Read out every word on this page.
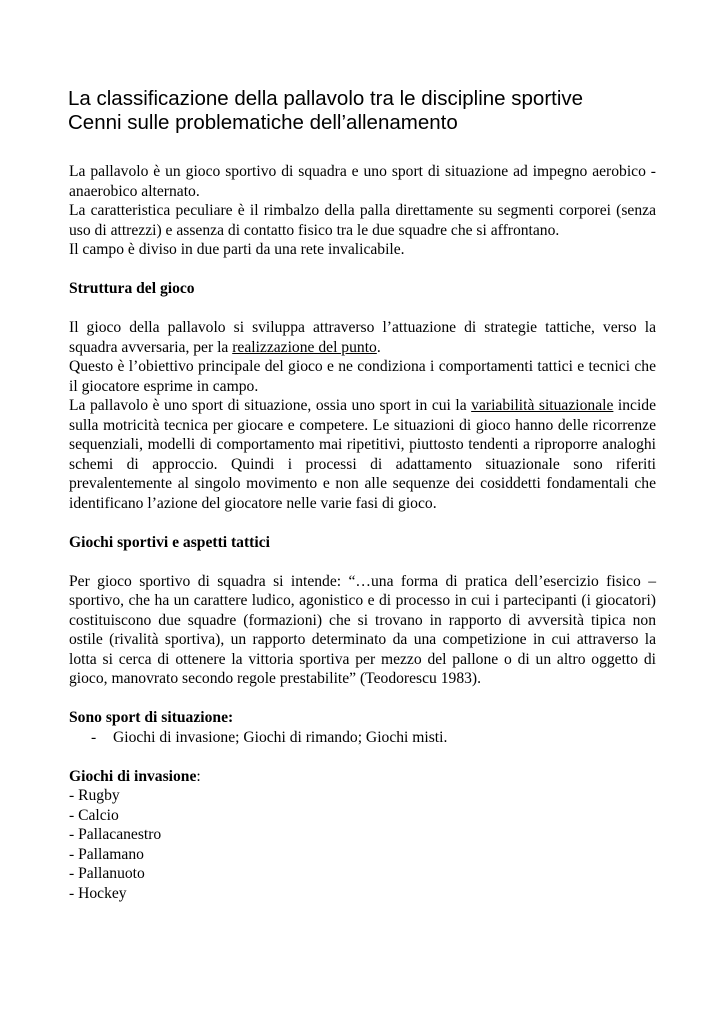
La classificazione della pallavolo tra le discipline sportive
Cenni sulle problematiche dell’allenamento

La pallavolo è un gioco sportivo di squadra e uno sport di situazione ad impegno aerobico - anaerobico alternato.

La caratteristica peculiare è il rimbalzo della palla direttamente su segmenti corporei (senza uso di attrezzi) e assenza di contatto fisico tra le due squadre che si affrontano.

Il campo è diviso in due parti da una rete invalicabile.

Struttura del gioco

Il gioco della pallavolo si sviluppa attraverso l’attuazione di strategie tattiche, verso la squadra avversaria, per la realizzazione del punto.

Questo è l’obiettivo principale del gioco e ne condiziona i comportamenti tattici e tecnici che il giocatore esprime in campo.

La pallavolo è uno sport di situazione, ossia uno sport in cui la variabilità situazionale incide sulla motricità tecnica per giocare e competere. Le situazioni di gioco hanno delle ricorrenze sequenziali, modelli di comportamento mai ripetitivi, piuttosto tendenti a riproporre analoghi schemi di approccio. Quindi i processi di adattamento situazionale sono riferiti prevalentemente al singolo movimento e non alle sequenze dei cosiddetti fondamentali che identificano l’azione del giocatore nelle varie fasi di gioco.

Giochi sportivi e aspetti tattici

Per gioco sportivo di squadra si intende: “…una forma di pratica dell’esercizio fisico – sportivo, che ha un carattere ludico, agonistico e di processo in cui i partecipanti (i giocatori) costituiscono due squadre (formazioni) che si trovano in rapporto di avversità tipica non ostile (rivalità sportiva), un rapporto determinato da una competizione in cui attraverso la lotta si cerca di ottenere la vittoria sportiva per mezzo del pallone o di un altro oggetto di gioco, manovrato secondo regole prestabilite” (Teodorescu 1983).

Sono sport di situazione:
- Giochi di invasione; Giochi di rimando; Giochi misti.

Giochi di invasione:

- Rugby
- Calcio
- Pallacanestro
- Pallamano
- Pallanuoto
- Hockey
